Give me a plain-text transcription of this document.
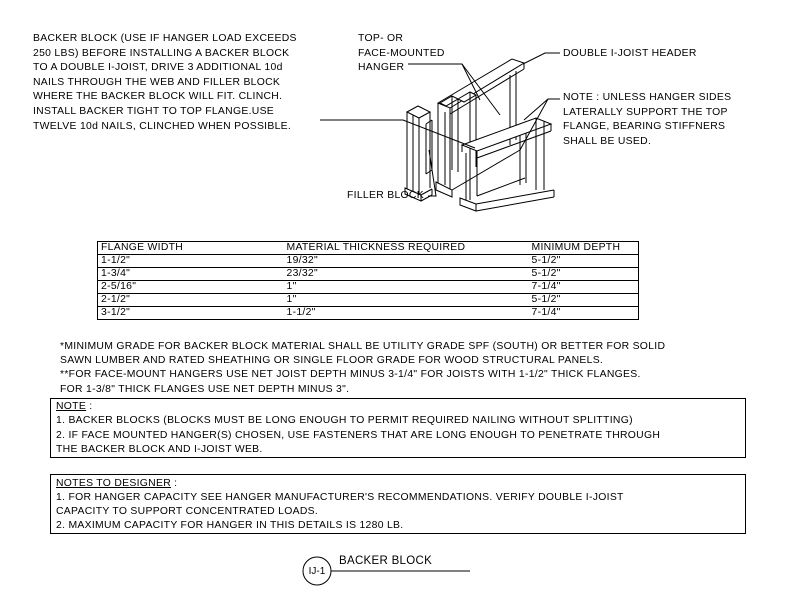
BACKER BLOCK (USE IF HANGER LOAD EXCEEDS
250 LBS) BEFORE INSTALLING A BACKER BLOCK
TO A DOUBLE I-JOIST, DRIVE 3 ADDITIONAL 10d
NAILS THROUGH THE WEB AND FILLER BLOCK
WHERE THE BACKER BLOCK WILL FIT. CLINCH.
INSTALL BACKER TIGHT TO TOP FLANGE.USE
TWELVE 10d NAILS, CLINCHED WHEN POSSIBLE.
TOP- OR
FACE-MOUNTED
HANGER
DOUBLE I-JOIST HEADER
NOTE : UNLESS HANGER SIDES
LATERALLY SUPPORT THE TOP
FLANGE, BEARING STIFFNERS
SHALL BE USED.
FILLER BLOCK
FLANGE WIDTH	MATERIAL THICKNESS REQUIRED	MINIMUM DEPTH
1-1/2"	19/32"	5-1/2"
1-3/4"	23/32"	5-1/2"
2-5/16"	1"	7-1/4"
2-1/2"	1"	5-1/2"
3-1/2"	1-1/2"	7-1/4"
*MINIMUM GRADE FOR BACKER BLOCK MATERIAL SHALL BE UTILITY GRADE SPF (SOUTH) OR BETTER FOR SOLID
SAWN LUMBER AND RATED SHEATHING OR SINGLE FLOOR GRADE FOR WOOD STRUCTURAL PANELS.
**FOR FACE-MOUNT HANGERS USE NET JOIST DEPTH MINUS 3-1/4" FOR JOISTS WITH 1-1/2" THICK FLANGES.
FOR 1-3/8" THICK FLANGES USE NET DEPTH MINUS 3".
NOTE :
1. BACKER BLOCKS (BLOCKS MUST BE LONG ENOUGH TO PERMIT REQUIRED NAILING WITHOUT SPLITTING)
2. IF FACE MOUNTED HANGER(S) CHOSEN, USE FASTENERS THAT ARE LONG ENOUGH TO PENETRATE THROUGH
THE BACKER BLOCK AND I-JOIST WEB.
NOTES TO DESIGNER :
1. FOR HANGER CAPACITY SEE HANGER MANUFACTURER'S RECOMMENDATIONS. VERIFY DOUBLE I-JOIST
CAPACITY TO SUPPORT CONCENTRATED LOADS.
2. MAXIMUM CAPACITY FOR HANGER IN THIS DETAILS IS 1280 LB.
IJ-1
BACKER BLOCK
